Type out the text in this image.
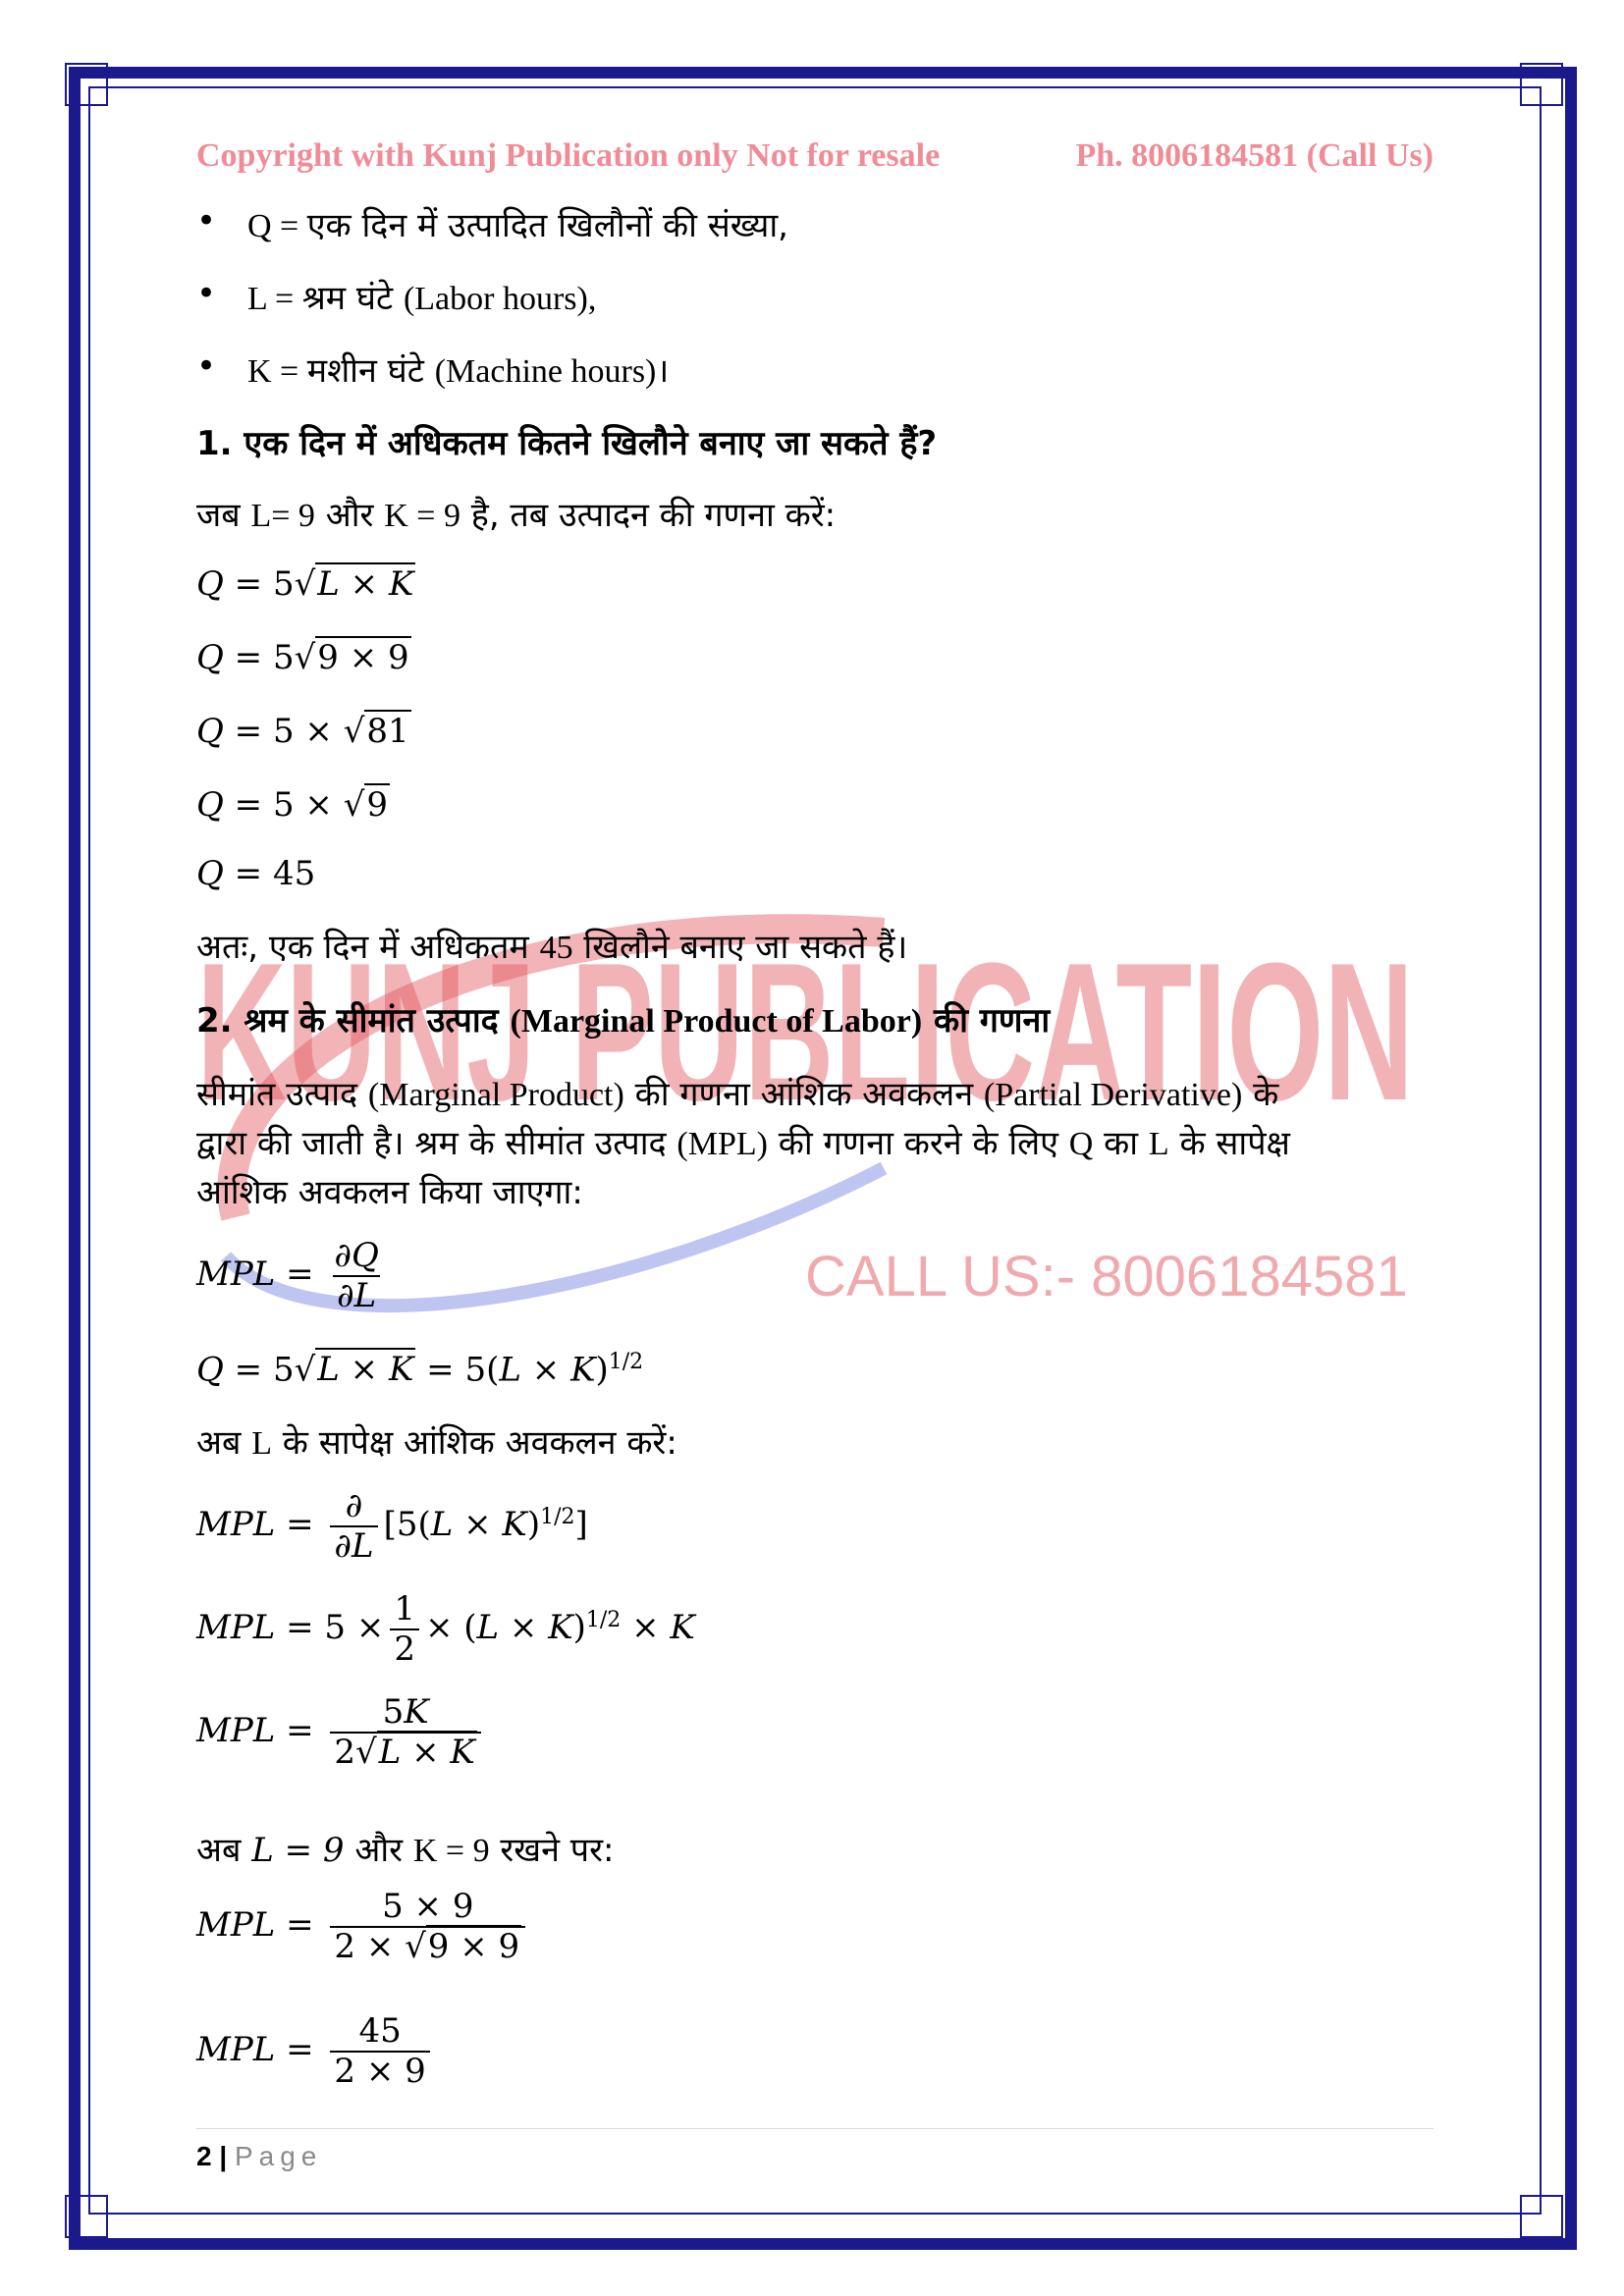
Copyright with Kunj Publication only Not for resale	Ph. 8006184581 (Call Us)
KUNJ PUBLICATION
CALL US:- 8006184581
• Q = एक दिन में उत्पादित खिलौनों की संख्या,
• L = श्रम घंटे (Labor hours),
• K = मशीन घंटे (Machine hours)।
1. एक दिन में अधिकतम कितने खिलौने बनाए जा सकते हैं?
जब L= 9 और K = 9 है, तब उत्पादन की गणना करें:
Q = 5√L × K
Q = 5√9 × 9
Q = 5 × √81
Q = 5 × √9
Q = 45
अतः, एक दिन में अधिकतम 45 खिलौने बनाए जा सकते हैं।
2. श्रम के सीमांत उत्पाद (Marginal Product of Labor) की गणना
सीमांत उत्पाद (Marginal Product) की गणना आंशिक अवकलन (Partial Derivative) के
द्वारा की जाती है। श्रम के सीमांत उत्पाद (MPL) की गणना करने के लिए Q का L के सापेक्ष
आंशिक अवकलन किया जाएगा:
MPL = $\frac{\partial Q}{\partial L}$
$Q = 5√L \times K = 5(L \times K)^{1/2}$
अब L के सापेक्ष आंशिक अवकलन करें:
MPL = $\frac{\partial}{\partial L} [5(L \times K)^{1/2}]$
MPL = $5 \times \frac{1}{2} \times (L \times K)^{1/2} \times K$
MPL = $\frac{5K}{2√L \times K}$
अब L = 9 और K = 9 रखने पर:
MPL = $\frac{5 \times 9}{2 \times √9 \times 9}$
MPL = $\frac{45}{2 \times 9}$
2 | Page
